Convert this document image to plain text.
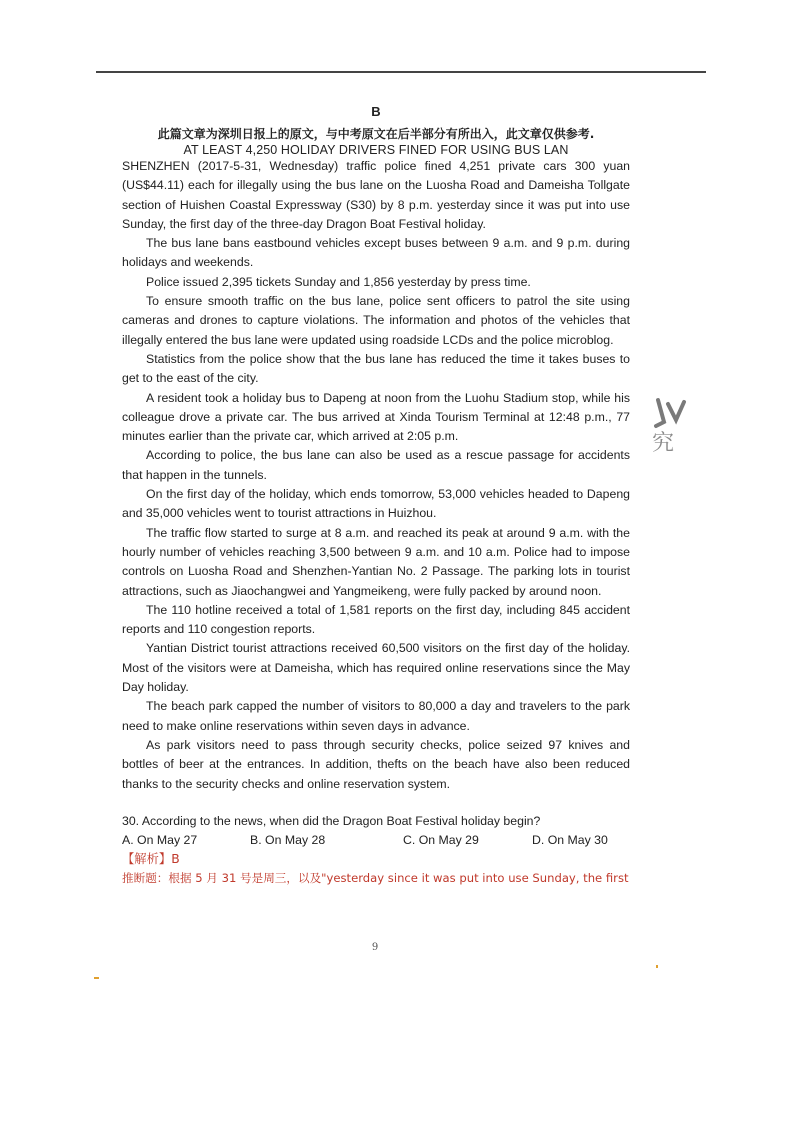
B
此篇文章为深圳日报上的原文，与中考原文在后半部分有所出入，此文章仅供参考.
AT LEAST 4,250 HOLIDAY DRIVERS FINED FOR USING BUS LAN

SHENZHEN (2017-5-31, Wednesday) traffic police fined 4,251 private cars 300 yuan (US$44.11) each for illegally using the bus lane on the Luosha Road and Dameisha Tollgate section of Huishen Coastal Expressway (S30) by 8 p.m. yesterday since it was put into use Sunday, the first day of the three-day Dragon Boat Festival holiday.

The bus lane bans eastbound vehicles except buses between 9 a.m. and 9 p.m. during holidays and weekends.

Police issued 2,395 tickets Sunday and 1,856 yesterday by press time.

To ensure smooth traffic on the bus lane, police sent officers to patrol the site using cameras and drones to capture violations. The information and photos of the vehicles that illegally entered the bus lane were updated using roadside LCDs and the police microblog.

Statistics from the police show that the bus lane has reduced the time it takes buses to get to the east of the city.

A resident took a holiday bus to Dapeng at noon from the Luohu Stadium stop, while his colleague drove a private car. The bus arrived at Xinda Tourism Terminal at 12:48 p.m., 77 minutes earlier than the private car, which arrived at 2:05 p.m.

According to police, the bus lane can also be used as a rescue passage for accidents that happen in the tunnels.

On the first day of the holiday, which ends tomorrow, 53,000 vehicles headed to Dapeng and 35,000 vehicles went to tourist attractions in Huizhou.

The traffic flow started to surge at 8 a.m. and reached its peak at around 9 a.m. with the hourly number of vehicles reaching 3,500 between 9 a.m. and 10 a.m. Police had to impose controls on Luosha Road and Shenzhen-Yantian No. 2 Passage. The parking lots in tourist attractions, such as Jiaochangwei and Yangmeikeng, were fully packed by around noon.

The 110 hotline received a total of 1,581 reports on the first day, including 845 accident reports and 110 congestion reports.

Yantian District tourist attractions received 60,500 visitors on the first day of the holiday. Most of the visitors were at Dameisha, which has required online reservations since the May Day holiday.

The beach park capped the number of visitors to 80,000 a day and travelers to the park need to make online reservations within seven days in advance.

As park visitors need to pass through security checks, police seized 97 knives and bottles of beer at the entrances. In addition, thefts on the beach have also been reduced thanks to the security checks and online reservation system.

30. According to the news, when did the Dragon Boat Festival holiday begin?
A. On May 27	B. On May 28	C. On May 29	D. On May 30
【解析】B
推断题：根据 5 月 31 号是周三，以及"yesterday since it was put into use Sunday, the first
究
9
